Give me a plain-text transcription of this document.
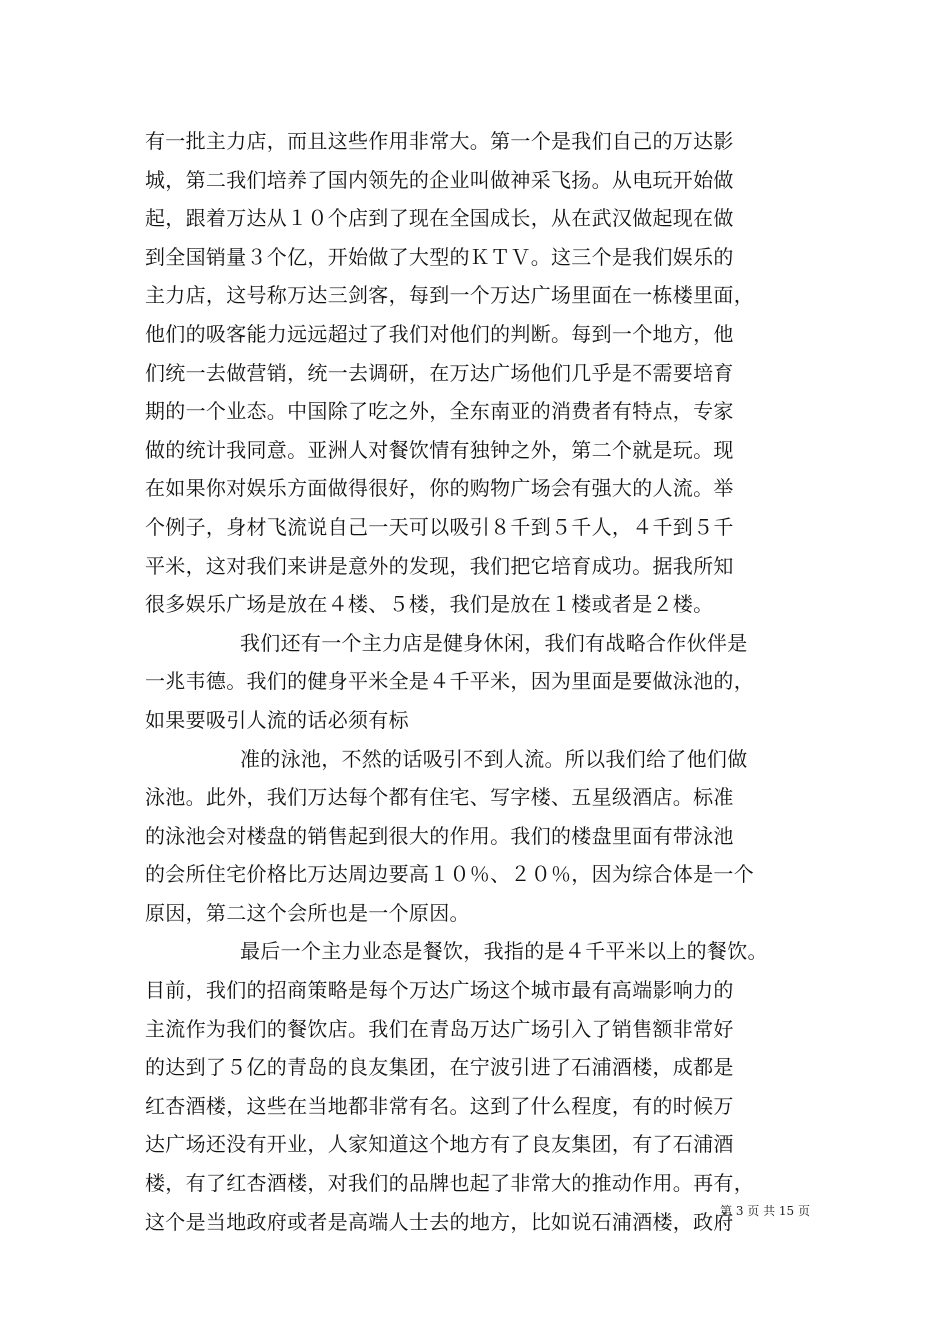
有一批主力店，而且这些作用非常大。第一个是我们自己的万达影
城，第二我们培养了国内领先的企业叫做神采飞扬。从电玩开始做
起，跟着万达从１０个店到了现在全国成长，从在武汉做起现在做
到全国销量３个亿，开始做了大型的ＫＴＶ。这三个是我们娱乐的
主力店，这号称万达三剑客，每到一个万达广场里面在一栋楼里面，
他们的吸客能力远远超过了我们对他们的判断。每到一个地方，他
们统一去做营销，统一去调研，在万达广场他们几乎是不需要培育
期的一个业态。中国除了吃之外，全东南亚的消费者有特点，专家
做的统计我同意。亚洲人对餐饮情有独钟之外，第二个就是玩。现
在如果你对娱乐方面做得很好，你的购物广场会有强大的人流。举
个例子，身材飞流说自己一天可以吸引８千到５千人，４千到５千
平米，这对我们来讲是意外的发现，我们把它培育成功。据我所知
很多娱乐广场是放在４楼、５楼，我们是放在１楼或者是２楼。
我们还有一个主力店是健身休闲，我们有战略合作伙伴是
一兆韦德。我们的健身平米全是４千平米，因为里面是要做泳池的，
如果要吸引人流的话必须有标
准的泳池，不然的话吸引不到人流。所以我们给了他们做
泳池。此外，我们万达每个都有住宅、写字楼、五星级酒店。标准
的泳池会对楼盘的销售起到很大的作用。我们的楼盘里面有带泳池
的会所住宅价格比万达周边要高１０％、２０％，因为综合体是一个
原因，第二这个会所也是一个原因。
最后一个主力业态是餐饮，我指的是４千平米以上的餐饮。
目前，我们的招商策略是每个万达广场这个城市最有高端影响力的
主流作为我们的餐饮店。我们在青岛万达广场引入了销售额非常好
的达到了５亿的青岛的良友集团，在宁波引进了石浦酒楼，成都是
红杏酒楼，这些在当地都非常有名。这到了什么程度，有的时候万
达广场还没有开业，人家知道这个地方有了良友集团，有了石浦酒
楼，有了红杏酒楼，对我们的品牌也起了非常大的推动作用。再有，
这个是当地政府或者是高端人士去的地方，比如说石浦酒楼，政府
第 3 页 共 15 页
